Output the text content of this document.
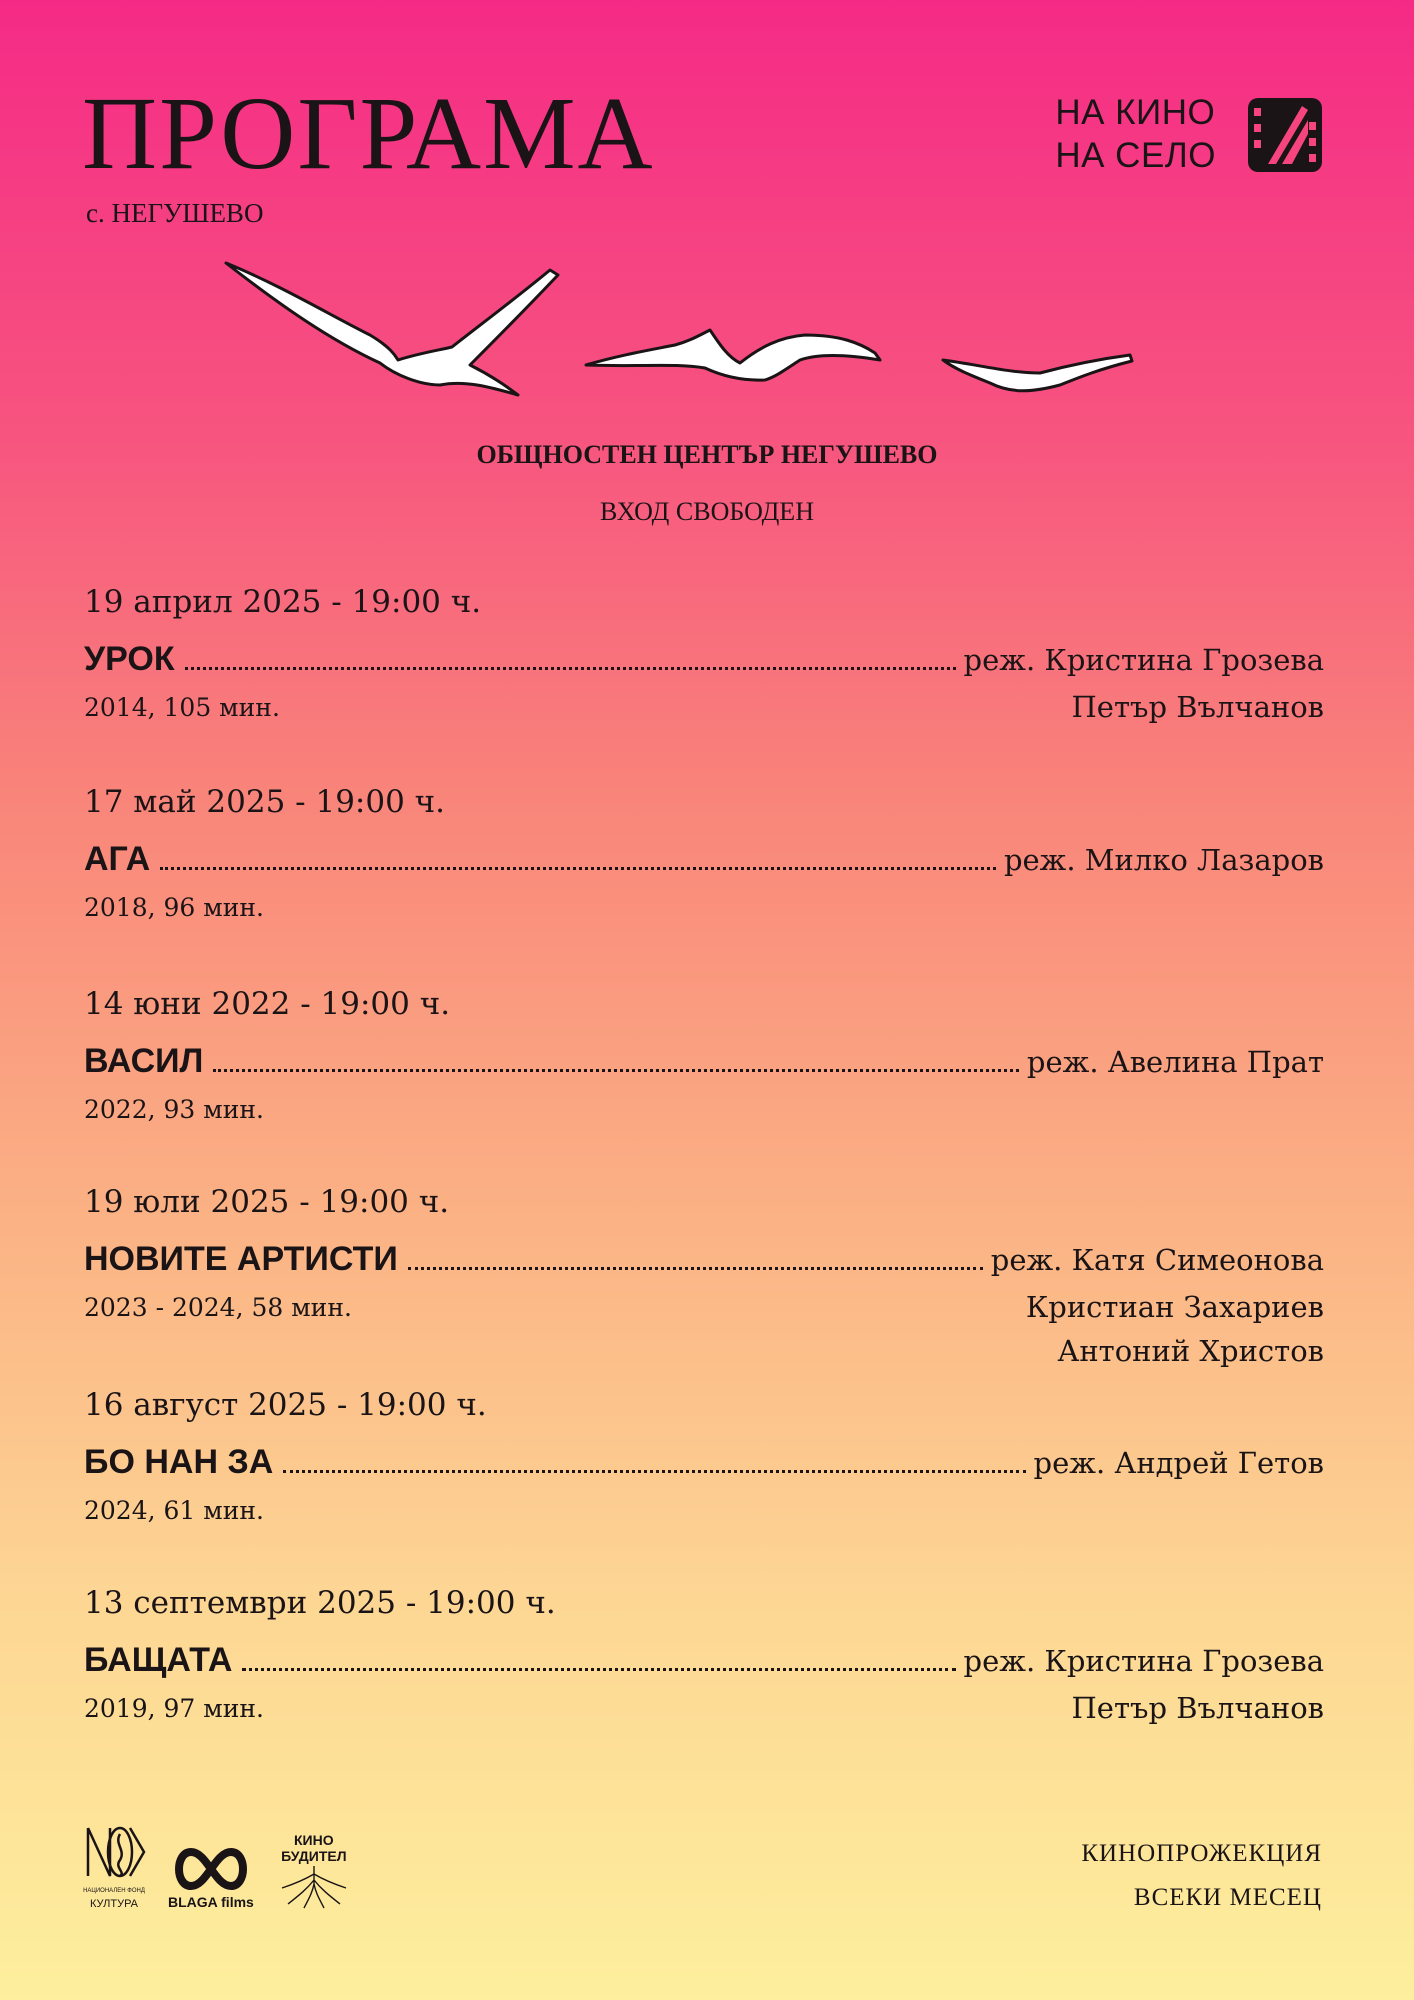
ПРОГРАМА
с. НЕГУШЕВО
НА КИНО
НА СЕЛО
ОБЩНОСТЕН ЦЕНТЪР НЕГУШЕВО
ВХОД СВОБОДЕН
19 април 2025 - 19:00 ч.
УРОК	реж. Кристина Грозева
2014, 105 мин.	Петър Вълчанов
17 май 2025 - 19:00 ч.
АГА	реж. Милко Лазаров
2018, 96 мин.
14 юни 2022 - 19:00 ч.
ВАСИЛ	реж. Авелина Прат
2022, 93 мин.
19 юли 2025 - 19:00 ч.
НОВИТЕ АРТИСТИ	реж. Катя Симеонова
2023 - 2024, 58 мин.	Кристиан Захариев
Антоний Христов
16 август 2025 - 19:00 ч.
БО НАН ЗА	реж. Андрей Гетов
2024, 61 мин.
13 септември 2025 - 19:00 ч.
БАЩАТА	реж. Кристина Грозева
2019, 97 мин.	Петър Вълчанов
НАЦИОНАЛЕН ФОНД
КУЛТУРА BLAGA films
КИНО БУДИТЕЛ	КИНОПРОЖЕКЦИЯ
ВСЕКИ МЕСЕЦ
